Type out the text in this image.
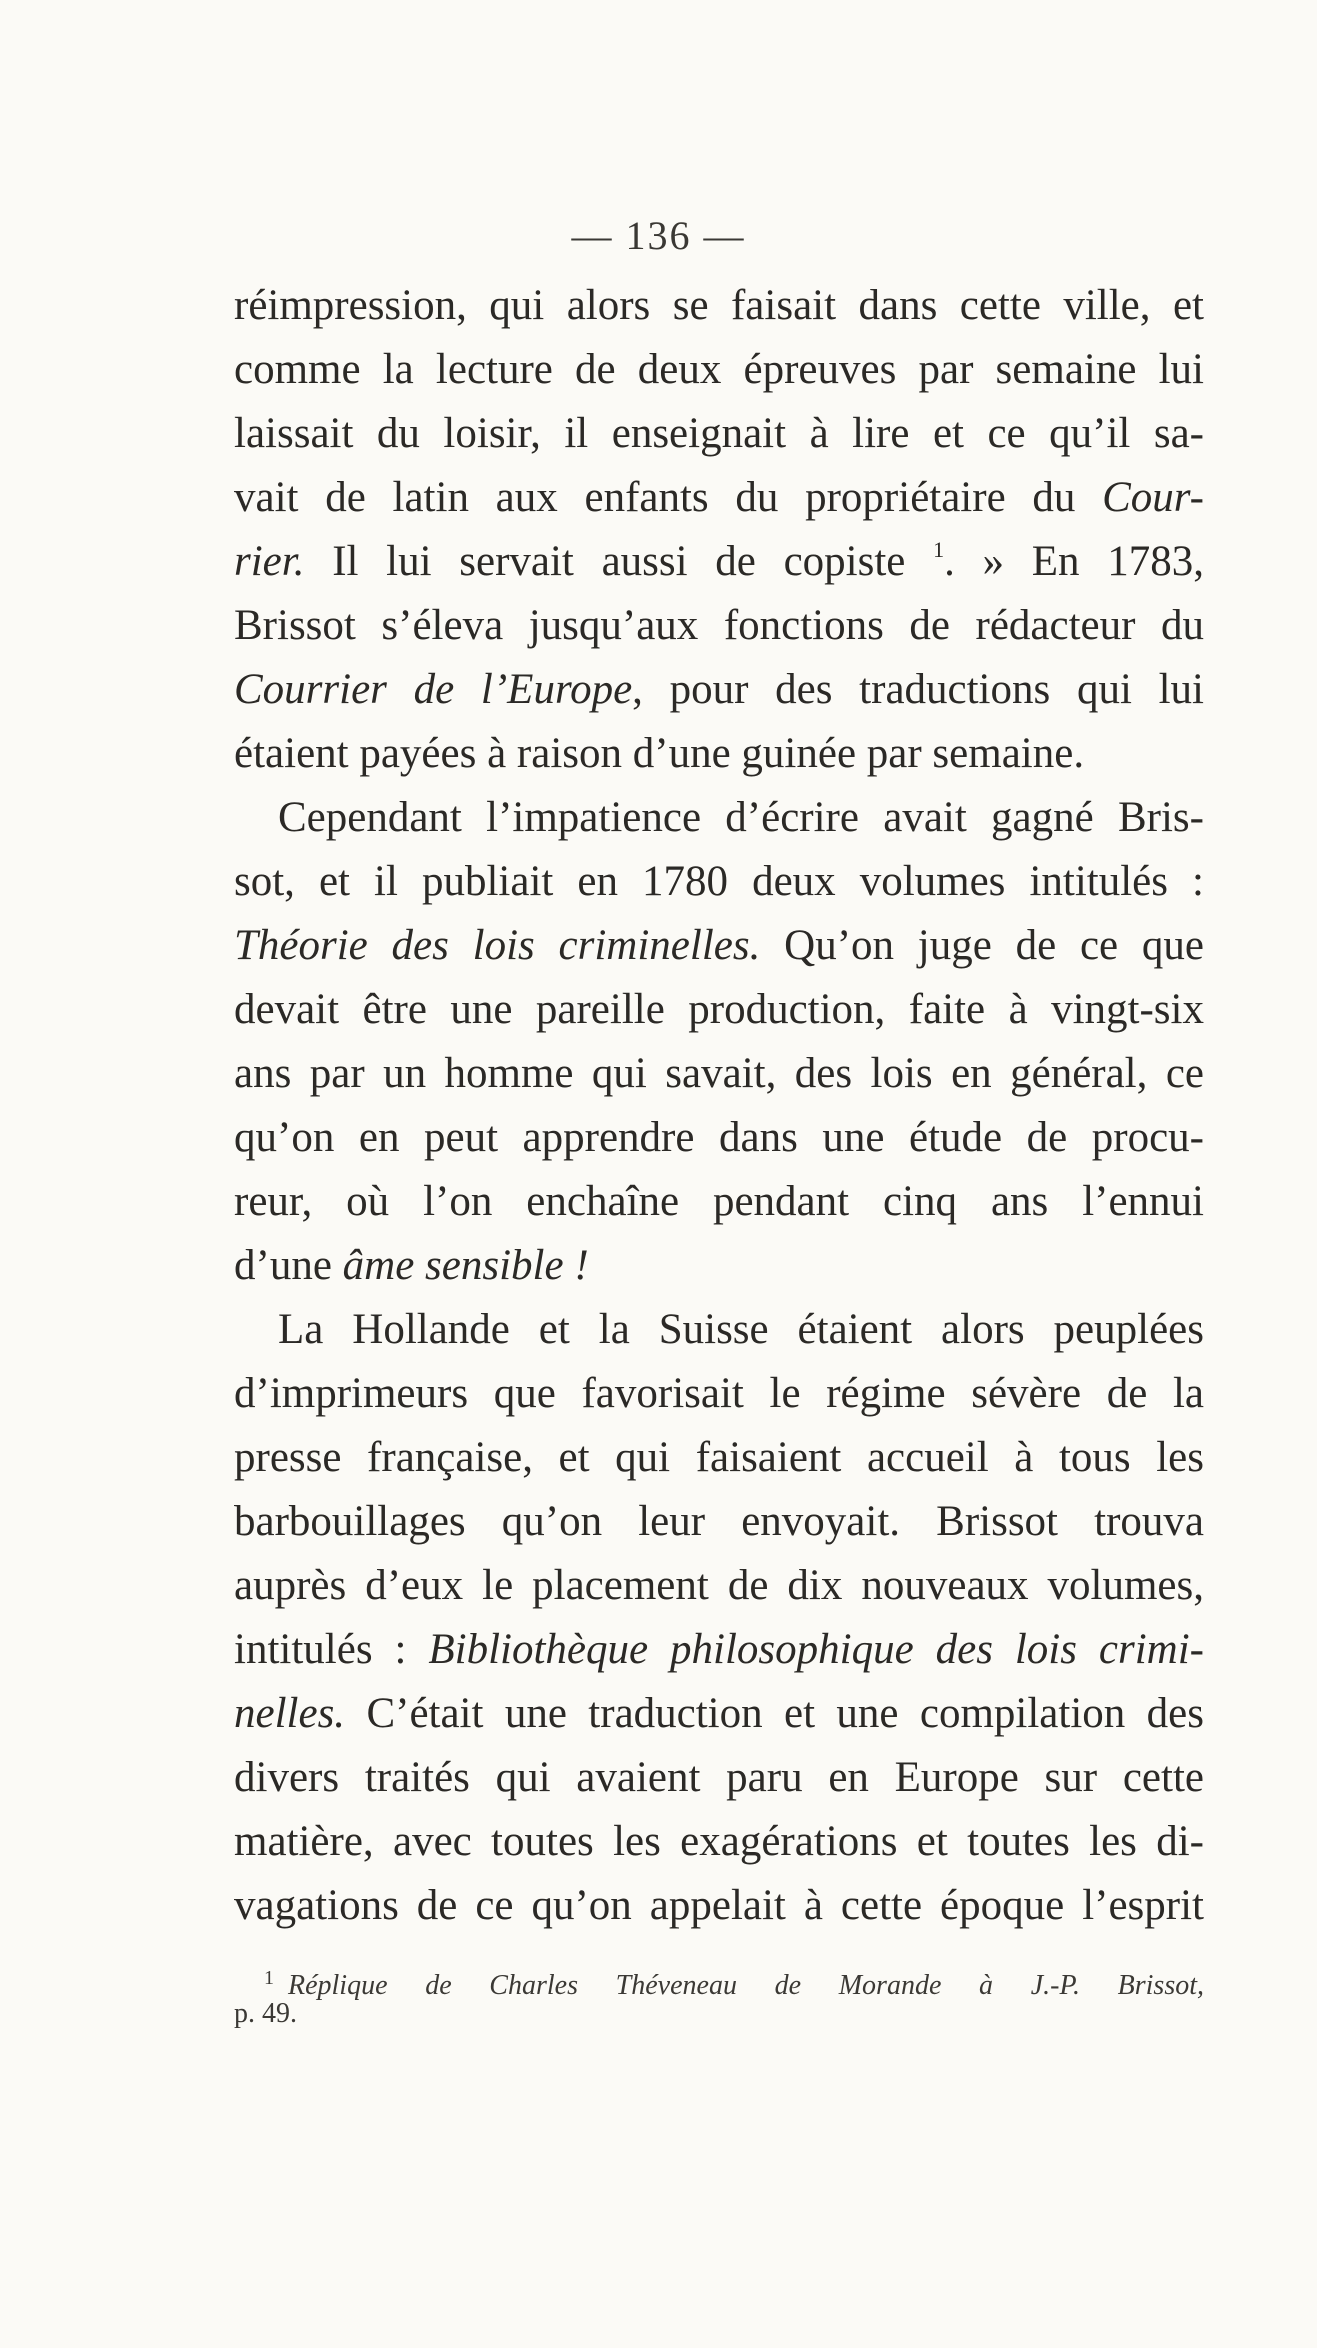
— 136 —
réimpression, qui alors se faisait dans cette ville, et
comme la lecture de deux épreuves par semaine lui
laissait du loisir, il enseignait à lire et ce qu’il sa-
vait de latin aux enfants du propriétaire du Cour-
rier. Il lui servait aussi de copiste $^1$. » En 1783,
Brissot s’éleva jusqu’aux fonctions de rédacteur du
Courrier de l’Europe, pour des traductions qui lui
étaient payées à raison d’une guinée par semaine.
Cependant l’impatience d’écrire avait gagné Bris-
sot, et il publiait en 1780 deux volumes intitulés :
Théorie des lois criminelles. Qu’on juge de ce que
devait être une pareille production, faite à vingt-six
ans par un homme qui savait, des lois en général, ce
qu’on en peut apprendre dans une étude de procu-
reur, où l’on enchaîne pendant cinq ans l’ennui
d’une âme sensible !
La Hollande et la Suisse étaient alors peuplées
d’imprimeurs que favorisait le régime sévère de la
presse française, et qui faisaient accueil à tous les
barbouillages qu’on leur envoyait. Brissot trouva
auprès d’eux le placement de dix nouveaux volumes,
intitulés : Bibliothèque philosophique des lois crimi-
nelles. C’était une traduction et une compilation des
divers traités qui avaient paru en Europe sur cette
matière, avec toutes les exagérations et toutes les di-
vagations de ce qu’on appelait à cette époque l’esprit
$^1$ Réplique de Charles Théveneau de Morande à J.-P. Brissot,
p. 49.
